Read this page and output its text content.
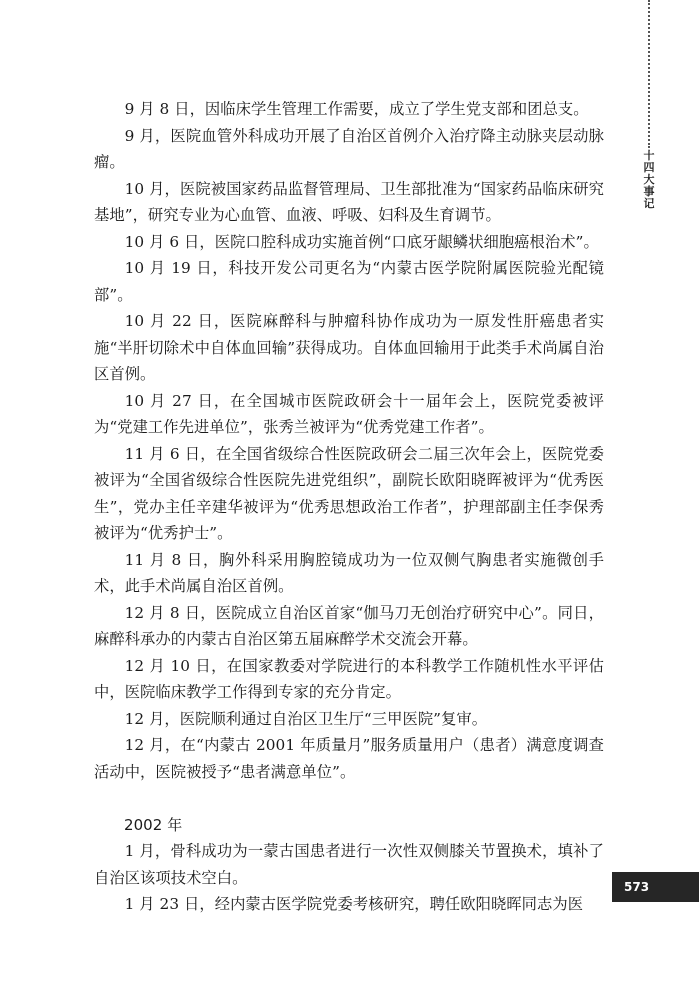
十四 大事记
573

9 月 8 日，因临床学生管理工作需要，成立了学生党支部和团总支。

9 月，医院血管外科成功开展了自治区首例介入治疗降主动脉夹层动脉瘤。

10 月，医院被国家药品监督管理局、卫生部批准为“国家药品临床研究基地”，研究专业为心血管、血液、呼吸、妇科及生育调节。

10 月 6 日，医院口腔科成功实施首例“口底牙龈鳞状细胞癌根治术”。

10 月 19 日，科技开发公司更名为“内蒙古医学院附属医院验光配镜部”。

10 月 22 日，医院麻醉科与肿瘤科协作成功为一原发性肝癌患者实施“半肝切除术中自体血回输”获得成功。自体血回输用于此类手术尚属自治区首例。

10 月 27 日，在全国城市医院政研会十一届年会上，医院党委被评为“党建工作先进单位”，张秀兰被评为“优秀党建工作者”。

11 月 6 日，在全国省级综合性医院政研会二届三次年会上，医院党委被评为“全国省级综合性医院先进党组织”，副院长欧阳晓晖被评为“优秀医生”，党办主任辛建华被评为“优秀思想政治工作者”，护理部副主任李保秀被评为“优秀护士”。

11 月 8 日，胸外科采用胸腔镜成功为一位双侧气胸患者实施微创手术，此手术尚属自治区首例。

12 月 8 日，医院成立自治区首家“伽马刀无创治疗研究中心”。同日，麻醉科承办的内蒙古自治区第五届麻醉学术交流会开幕。

12 月 10 日，在国家教委对学院进行的本科教学工作随机性水平评估中，医院临床教学工作得到专家的充分肯定。

12 月，医院顺利通过自治区卫生厅“三甲医院”复审。

12 月，在“内蒙古 2001 年质量月”服务质量用户（患者）满意度调查活动中，医院被授予“患者满意单位”。

2002 年

1 月，骨科成功为一蒙古国患者进行一次性双侧膝关节置换术，填补了自治区该项技术空白。

1 月 23 日，经内蒙古医学院党委考核研究，聘任欧阳晓晖同志为医
